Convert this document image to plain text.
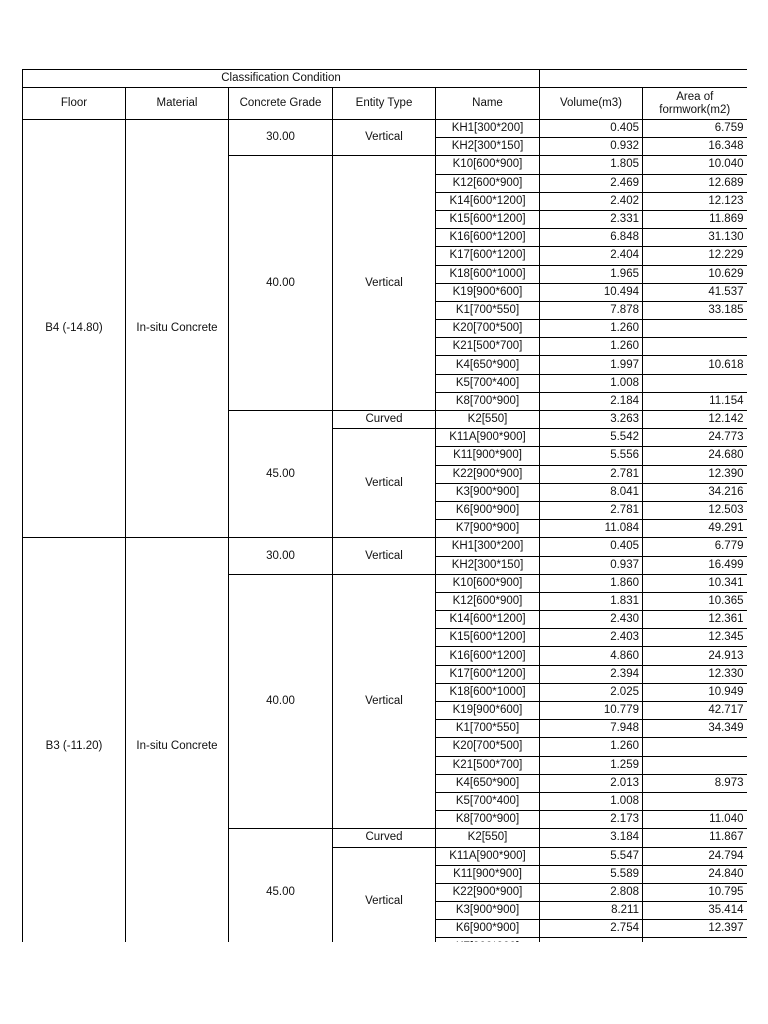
Classification Condition						
Floor	Material	Concrete Grade	Entity Type	Name	Volume(m3)	Area of formwork(m2)
B4 (-14.80)	In-situ Concrete	30.00	Vertical	KH1[300*200]	0.405	6.759
				KH2[300*150]	0.932	16.348
		40.00	Vertical	K10[600*900]	1.805	10.040
				K12[600*900]	2.469	12.689
				K14[600*1200]	2.402	12.123
				K15[600*1200]	2.331	11.869
				K16[600*1200]	6.848	31.130
				K17[600*1200]	2.404	12.229
				K18[600*1000]	1.965	10.629
				K19[900*600]	10.494	41.537
				K1[700*550]	7.878	33.185
				K20[700*500]	1.260	
				K21[500*700]	1.260	
				K4[650*900]	1.997	10.618
				K5[700*400]	1.008	
				K8[700*900]	2.184	11.154
		45.00	Curved	K2[550]	3.263	12.142
			Vertical	K11A[900*900]	5.542	24.773
				K11[900*900]	5.556	24.680
				K22[900*900]	2.781	12.390
				K3[900*900]	8.041	34.216
				K6[900*900]	2.781	12.503
				K7[900*900]	11.084	49.291
B3 (-11.20)	In-situ Concrete	30.00	Vertical	KH1[300*200]	0.405	6.779
				KH2[300*150]	0.937	16.499
		40.00	Vertical	K10[600*900]	1.860	10.341
				K12[600*900]	1.831	10.365
				K14[600*1200]	2.430	12.361
				K15[600*1200]	2.403	12.345
				K16[600*1200]	4.860	24.913
				K17[600*1200]	2.394	12.330
				K18[600*1000]	2.025	10.949
				K19[900*600]	10.779	42.717
				K1[700*550]	7.948	34.349
				K20[700*500]	1.260	
				K21[500*700]	1.259	
				K4[650*900]	2.013	8.973
				K5[700*400]	1.008	
				K8[700*900]	2.173	11.040
		45.00	Curved	K2[550]	3.184	11.867
			Vertical	K11A[900*900]	5.547	24.794
				K11[900*900]	5.589	24.840
				K22[900*900]	2.808	10.795
				K3[900*900]	8.211	35.414
				K6[900*900]	2.754	12.397
